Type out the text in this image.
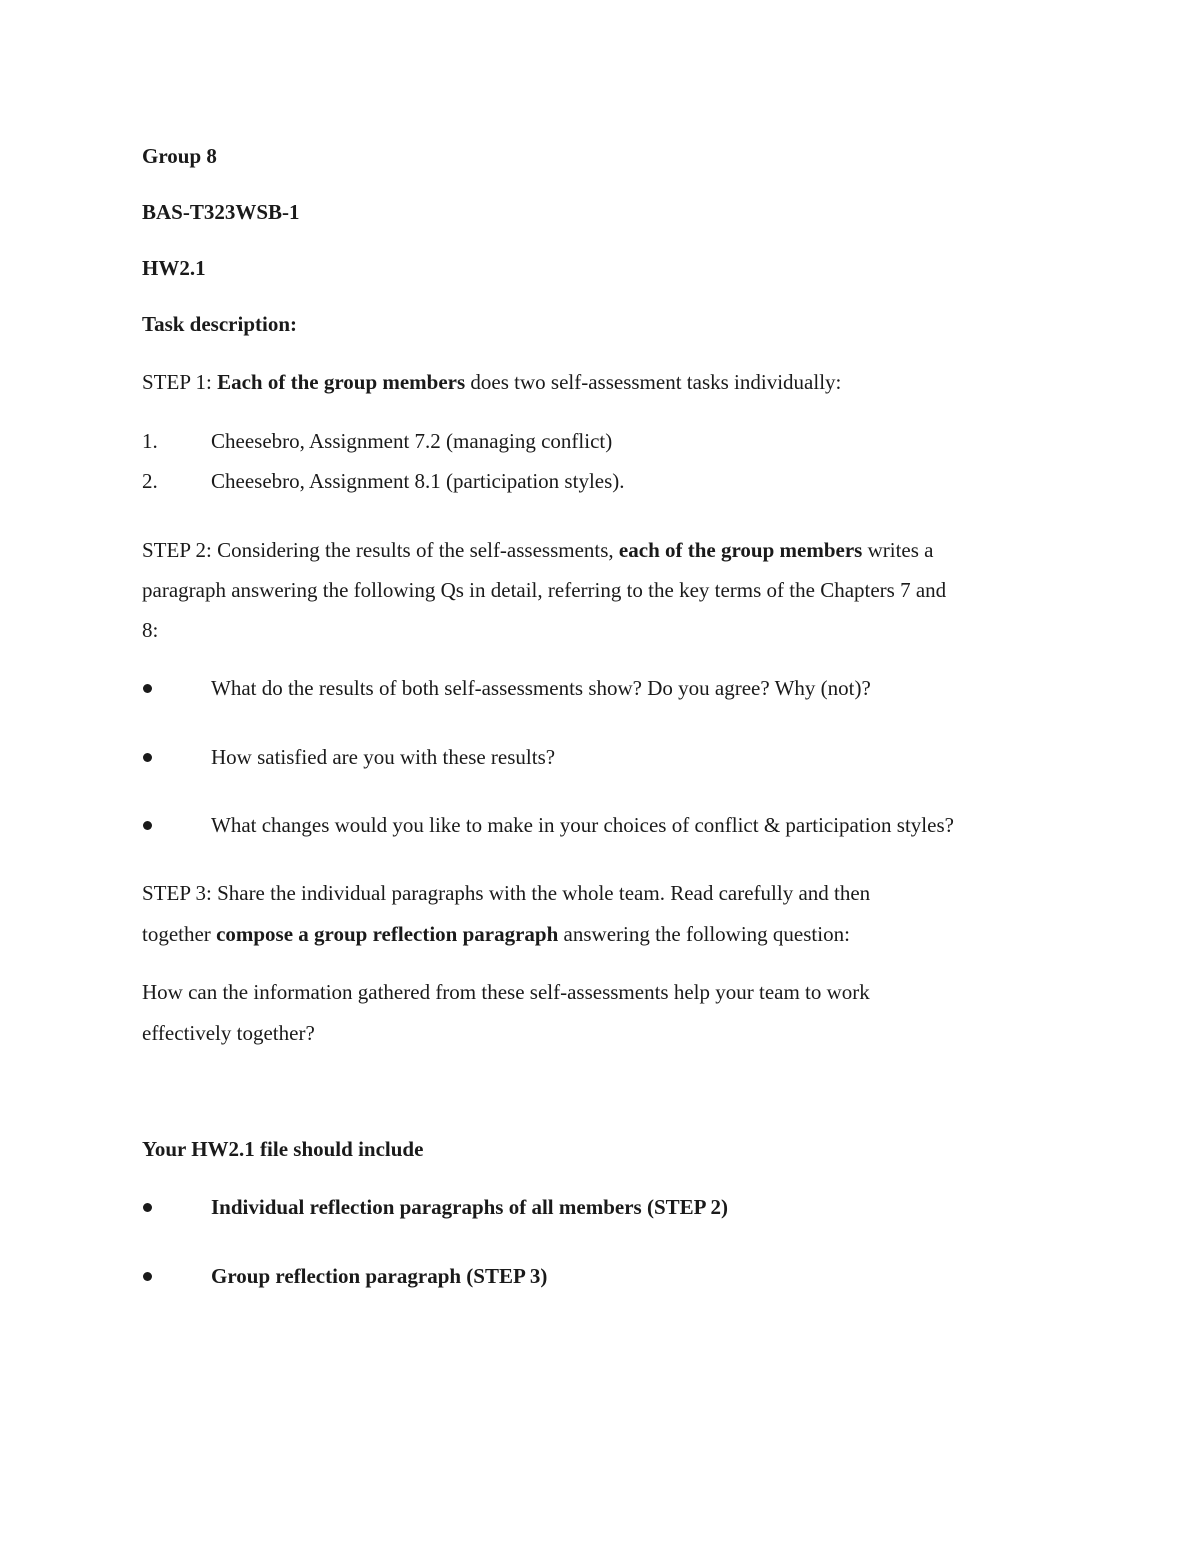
Group 8
BAS-T323WSB-1
HW2.1
Task description:
STEP 1: Each of the group members does two self-assessment tasks individually:
1.	Cheesebro, Assignment 7.2 (managing conflict)
2.	Cheesebro, Assignment 8.1 (participation styles).
STEP 2: Considering the results of the self-assessments, each of the group members writes a
paragraph answering the following Qs in detail, referring to the key terms of the Chapters 7 and
8:
What do the results of both self-assessments show? Do you agree? Why (not)?
How satisfied are you with these results?
What changes would you like to make in your choices of conflict & participation styles?
STEP 3: Share the individual paragraphs with the whole team. Read carefully and then
together compose a group reflection paragraph answering the following question:
How can the information gathered from these self-assessments help your team to work
effectively together?
Your HW2.1 file should include
Individual reflection paragraphs of all members (STEP 2)
Group reflection paragraph (STEP 3)
